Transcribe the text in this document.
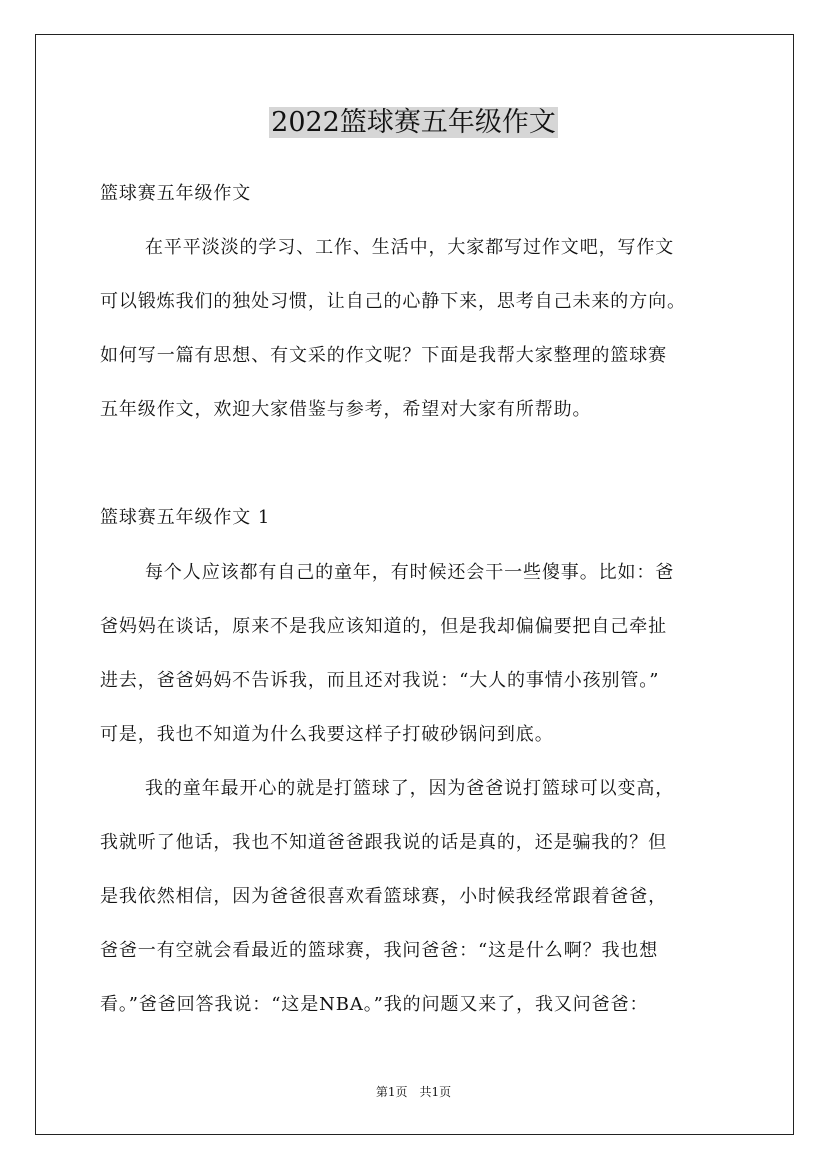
2022篮球赛五年级作文
篮球赛五年级作文
在平平淡淡的学习、工作、生活中，大家都写过作文吧，写作文
可以锻炼我们的独处习惯，让自己的心静下来，思考自己未来的方向。
如何写一篇有思想、有文采的作文呢？下面是我帮大家整理的篮球赛
五年级作文，欢迎大家借鉴与参考，希望对大家有所帮助。
篮球赛五年级作文 1
每个人应该都有自己的童年，有时候还会干一些傻事。比如：爸
爸妈妈在谈话，原来不是我应该知道的，但是我却偏偏要把自己牵扯
进去，爸爸妈妈不告诉我，而且还对我说：“大人的事情小孩别管。”
可是，我也不知道为什么我要这样子打破砂锅问到底。
我的童年最开心的就是打篮球了，因为爸爸说打篮球可以变高，
我就听了他话，我也不知道爸爸跟我说的话是真的，还是骗我的？但
是我依然相信，因为爸爸很喜欢看篮球赛，小时候我经常跟着爸爸，
爸爸一有空就会看最近的篮球赛，我问爸爸：“这是什么啊？我也想
看。”爸爸回答我说：“这是NBA。”我的问题又来了，我又问爸爸：
第1页 共1页
